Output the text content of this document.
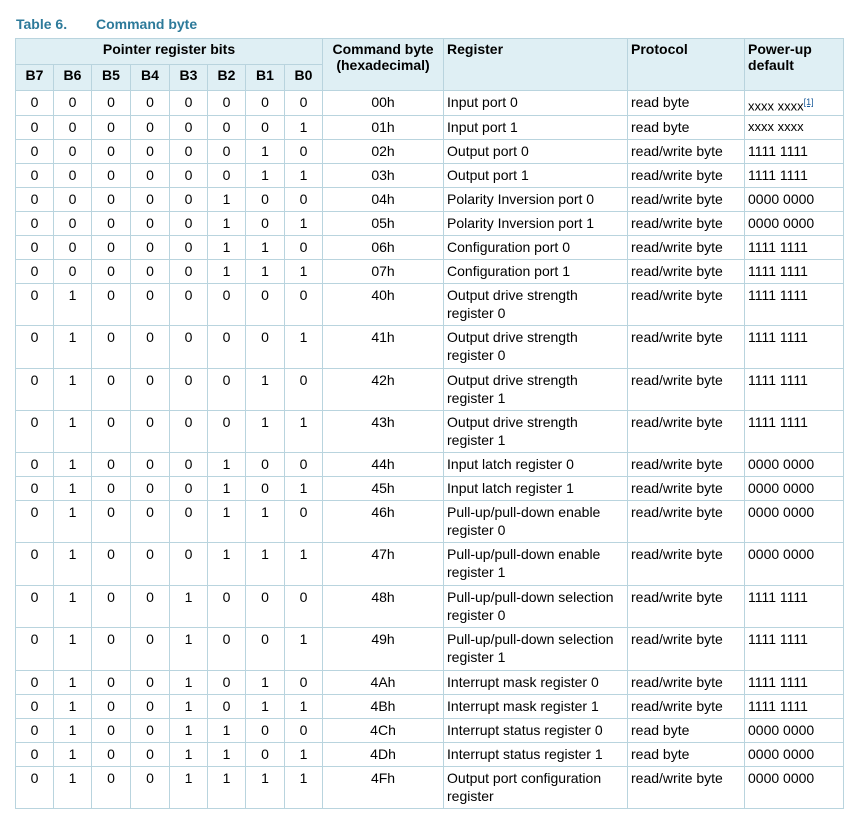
Table 6. Command byte
Pointer register bits								Command byte (hexadecimal)	Register	Protocol	Power-up default
B7	B6	B5	B4	B3	B2	B1	B0				
0	0	0	0	0	0	0	0	00h	Input port 0	read byte	xxxx xxxx[1]
0	0	0	0	0	0	0	1	01h	Input port 1	read byte	xxxx xxxx
0	0	0	0	0	0	1	0	02h	Output port 0	read/write byte	1111 1111
0	0	0	0	0	0	1	1	03h	Output port 1	read/write byte	1111 1111
0	0	0	0	0	1	0	0	04h	Polarity Inversion port 0	read/write byte	0000 0000
0	0	0	0	0	1	0	1	05h	Polarity Inversion port 1	read/write byte	0000 0000
0	0	0	0	0	1	1	0	06h	Configuration port 0	read/write byte	1111 1111
0	0	0	0	0	1	1	1	07h	Configuration port 1	read/write byte	1111 1111
0	1	0	0	0	0	0	0	40h	Output drive strength register 0	read/write byte	1111 1111
0	1	0	0	0	0	0	1	41h	Output drive strength register 0	read/write byte	1111 1111
0	1	0	0	0	0	1	0	42h	Output drive strength register 1	read/write byte	1111 1111
0	1	0	0	0	0	1	1	43h	Output drive strength register 1	read/write byte	1111 1111
0	1	0	0	0	1	0	0	44h	Input latch register 0	read/write byte	0000 0000
0	1	0	0	0	1	0	1	45h	Input latch register 1	read/write byte	0000 0000
0	1	0	0	0	1	1	0	46h	Pull-up/pull-down enable register 0	read/write byte	0000 0000
0	1	0	0	0	1	1	1	47h	Pull-up/pull-down enable register 1	read/write byte	0000 0000
0	1	0	0	1	0	0	0	48h	Pull-up/pull-down selection register 0	read/write byte	1111 1111
0	1	0	0	1	0	0	1	49h	Pull-up/pull-down selection register 1	read/write byte	1111 1111
0	1	0	0	1	0	1	0	4Ah	Interrupt mask register 0	read/write byte	1111 1111
0	1	0	0	1	0	1	1	4Bh	Interrupt mask register 1	read/write byte	1111 1111
0	1	0	0	1	1	0	0	4Ch	Interrupt status register 0	read byte	0000 0000
0	1	0	0	1	1	0	1	4Dh	Interrupt status register 1	read byte	0000 0000
0	1	0	0	1	1	1	1	4Fh	Output port configuration register	read/write byte	0000 0000
